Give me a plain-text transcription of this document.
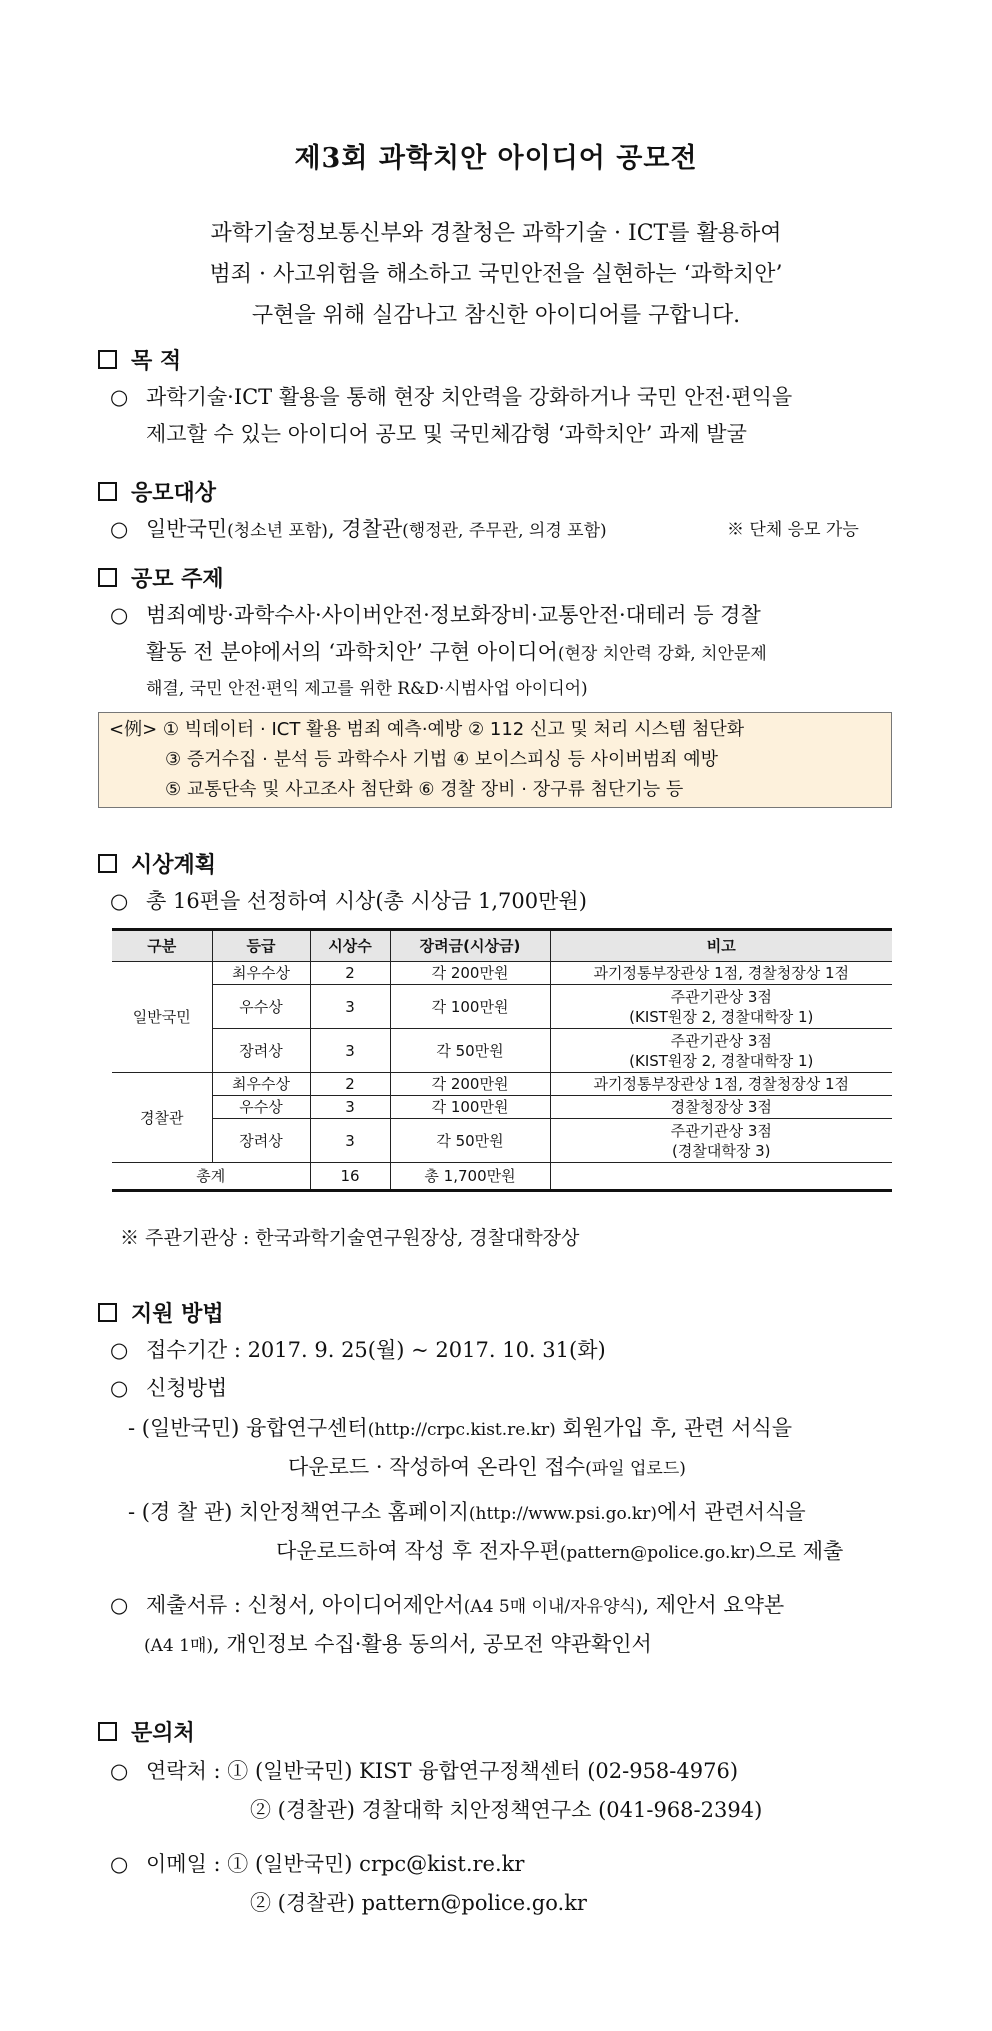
제3회 과학치안 아이디어 공모전
과학기술정보통신부와 경찰청은 과학기술 · ICT를 활용하여
범죄 · 사고위험을 해소하고 국민안전을 실현하는 ‘과학치안’
구현을 위해 실감나고 참신한 아이디어를 구합니다.
목 적
○ 과학기술·ICT 활용을 통해 현장 치안력을 강화하거나 국민 안전·편익을
제고할 수 있는 아이디어 공모 및 국민체감형 ‘과학치안’ 과제 발굴
응모대상
○ 일반국민(청소년 포함), 경찰관(행정관, 주무관, 의경 포함)	※ 단체 응모 가능
공모 주제
○ 범죄예방·과학수사·사이버안전·정보화장비·교통안전·대테러 등 경찰
활동 전 분야에서의 ‘과학치안’ 구현 아이디어(현장 치안력 강화, 치안문제
해결, 국민 안전·편익 제고를 위한 R&D·시범사업 아이디어)
<例> ① 빅데이터 · ICT 활용 범죄 예측·예방 ② 112 신고 및 처리 시스템 첨단화
③ 증거수집 · 분석 등 과학수사 기법 ④ 보이스피싱 등 사이버범죄 예방
⑤ 교통단속 및 사고조사 첨단화 ⑥ 경찰 장비 · 장구류 첨단기능 등
시상계획
○ 총 16편을 선정하여 시상(총 시상금 1,700만원)
구분	등급	시상수	장려금(시상금)	비고
일반국민	최우수상	2	각 200만원	과기정통부장관상 1점, 경찰청장상 1점

	우수상	3	각 100만원	주관기관상 3점
(KIST원장 2, 경찰대학장 1)

	장려상	3	각 50만원	주관기관상 3점
(KIST원장 2, 경찰대학장 1)

경찰관	최우수상	2	각 200만원	과기정통부장관상 1점, 경찰청장상 1점

	우수상	3	각 100만원	경찰청장상 3점

	장려상	3	각 50만원	주관기관상 3점
(경찰대학장 3)

총계		16	총 1,700만원	
※ 주관기관상 : 한국과학기술연구원장상, 경찰대학장상
지원 방법
○ 접수기간 : 2017. 9. 25(월) ~ 2017. 10. 31(화)
○ 신청방법
- (일반국민) 융합연구센터(http://crpc.kist.re.kr) 회원가입 후, 관련 서식을
다운로드 · 작성하여 온라인 접수(파일 업로드)
- (경 찰 관) 치안정책연구소 홈페이지(http://www.psi.go.kr)에서 관련서식을
다운로드하여 작성 후 전자우편(pattern@police.go.kr)으로 제출
○ 제출서류 : 신청서, 아이디어제안서(A4 5매 이내/자유양식), 제안서 요약본
(A4 1매), 개인정보 수집·활용 동의서, 공모전 약관확인서
문의처
○ 연락처 : ① (일반국민) KIST 융합연구정책센터 (02-958-4976)
② (경찰관) 경찰대학 치안정책연구소 (041-968-2394)
○ 이메일 : ① (일반국민) crpc@kist.re.kr
② (경찰관) pattern@police.go.kr
